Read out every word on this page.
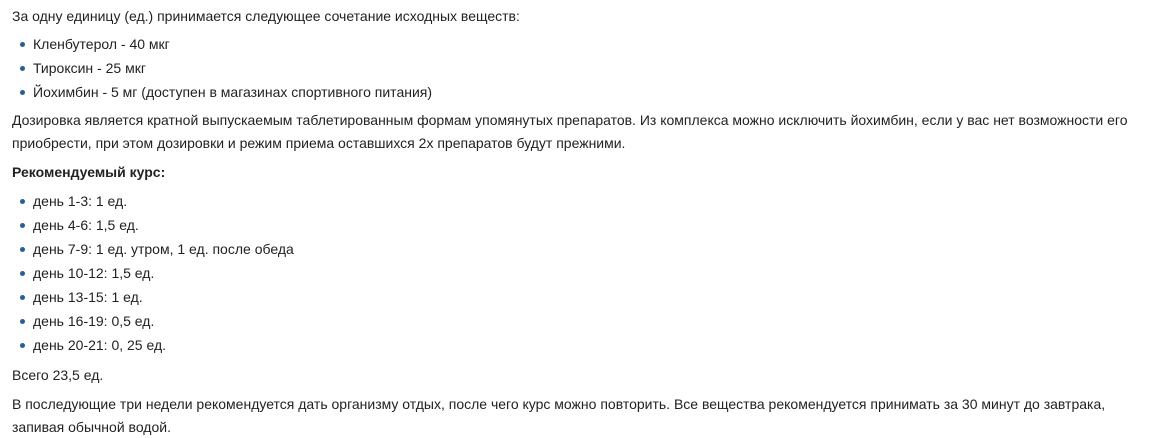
За одну единицу (ед.) принимается следующее сочетание исходных веществ:
Кленбутерол - 40 мкг
Тироксин - 25 мкг
Йохимбин - 5 мг (доступен в магазинах спортивного питания)
Дозировка является кратной выпускаемым таблетированным формам упомянутых препаратов. Из комплекса можно исключить йохимбин, если у вас нет возможности его
приобрести, при этом дозировки и режим приема оставшихся 2х препаратов будут прежними.
Рекомендуемый курс:
день 1-3: 1 ед.
день 4-6: 1,5 ед.
день 7-9: 1 ед. утром, 1 ед. после обеда
день 10-12: 1,5 ед.
день 13-15: 1 ед.
день 16-19: 0,5 ед.
день 20-21: 0, 25 ед.
Всего 23,5 ед.
В последующие три недели рекомендуется дать организму отдых, после чего курс можно повторить. Все вещества рекомендуется принимать за 30 минут до завтрака,
запивая обычной водой.
